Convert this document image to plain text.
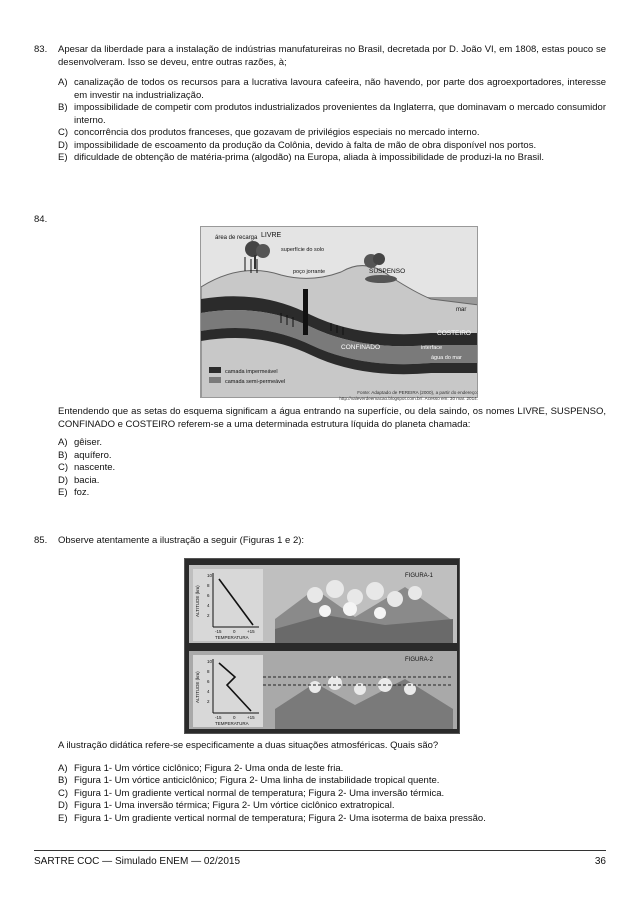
83.	Apesar da liberdade para a instalação de indústrias manufatureiras no Brasil, decretada por D. João VI, em 1808, estas pouco se desenvolveram. Isso se deveu, entre outras razões, à;
A) canalização de todos os recursos para a lucrativa lavoura cafeeira, não havendo, por parte dos agroexportadores, interesse em investir na industrialização.
B) impossibilidade de competir com produtos industrializados provenientes da Inglaterra, que dominavam o mercado consumidor interno.
C) concorrência dos produtos franceses, que gozavam de privilégios especiais no mercado interno.
D) impossibilidade de escoamento da produção da Colônia, devido à falta de mão de obra disponível nos portos.
E) dificuldade de obtenção de matéria-prima (algodão) na Europa, aliada à impossibilidade de produzi-la no Brasil.
84.
área de recarga LIVRE
superfície do solo
poço jorrante	SUSPENSO
mar
COSTEIRO
CONFINADO	interface
água do mar
camada impermeável
camada semi-permeável
Fonte: Adaptado de PEREIRA (2000), a partir do endereço: http://valeverdeemacao.blogspot.com.br/. Acesso em: 30 mar. 2014.
Entendendo que as setas do esquema significam a água entrando na superfície, ou dela saindo, os nomes LIVRE, SUSPENSO, CONFINADO e COSTEIRO referem-se a uma determinada estrutura líquida do planeta chamada:
A) gêiser.
B) aquífero.
C) nascente.
D) bacia.
E) foz.
85.	Observe atentamente a ilustração a seguir (Figuras 1 e 2):
FIGURA-1
FIGURA-2
ALTITUDE (km)
ALTITUDE (km)
10
8
6
4
2
10
8
6
4
2
-15	0	+15
TEMPERATURA
-15	0	+15
TEMPERATURA
A ilustração didática refere-se especificamente a duas situações atmosféricas. Quais são?
A) Figura 1- Um vórtice ciclônico; Figura 2- Uma onda de leste fria.
B) Figura 1- Um vórtice anticiclônico; Figura 2- Uma linha de instabilidade tropical quente.
C) Figura 1- Um gradiente vertical normal de temperatura; Figura 2- Uma inversão térmica.
D) Figura 1- Uma inversão térmica; Figura 2- Um vórtice ciclônico extratropical.
E) Figura 1- Um gradiente vertical normal de temperatura; Figura 2- Uma isoterma de baixa pressão.
SARTRE COC — Simulado ENEM — 02/2015	36
